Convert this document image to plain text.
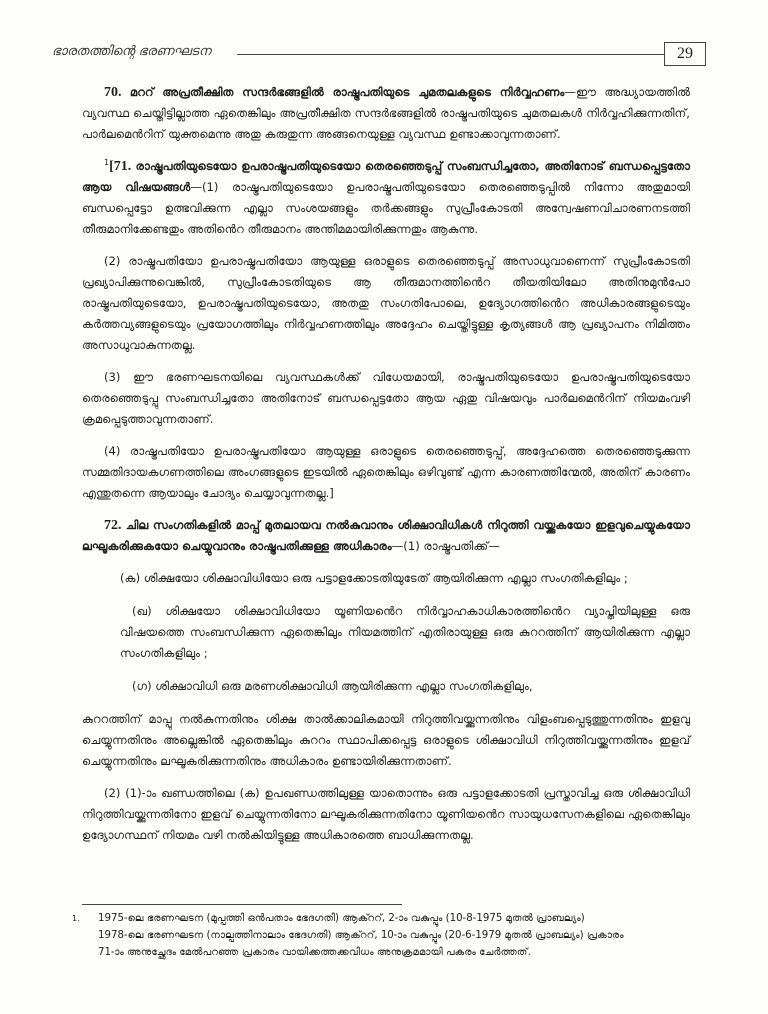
ഭാരതത്തിന്റെ ഭരണഘടന	29

70. മററ് അപ്രതീക്ഷിത സന്ദർഭങ്ങളിൽ രാഷ്ട്രപതിയുടെ ചുമതലകളുടെ നിർവ്വഹണം—ഈ അദ്ധ്യായത്തിൽ വ്യവസ്ഥ ചെയ്തിട്ടില്ലാത്ത ഏതെങ്കിലും അപ്രതീക്ഷിത സന്ദർഭങ്ങളിൽ രാഷ്ട്രപതിയുടെ ചുമതലകൾ നിർവ്വഹിക്കുന്നതിന്, പാർലമെൻറിന് യുക്തമെന്നു അതു കരുതുന്ന അങ്ങനെയുള്ള വ്യവസ്ഥ ഉണ്ടാക്കാവുന്നതാണ്.

$^1$[71. രാഷ്ട്രപതിയുടെയോ ഉപരാഷ്ട്രപതിയുടെയോ തെരഞ്ഞെടുപ്പ് സംബന്ധിച്ചതോ, അതിനോട് ബന്ധപ്പെട്ടതോ ആയ വിഷയങ്ങൾ—(1) രാഷ്ട്രപതിയുടെയോ ഉപരാഷ്ട്രപതിയുടെയോ തെരഞ്ഞെടുപ്പിൽ നിന്നോ അതുമായി ബന്ധപ്പെട്ടോ ഉത്ഭവിക്കുന്ന എല്ലാ സംശയങ്ങളും തർക്കങ്ങളും സുപ്രീംകോടതി അന്വേഷണവിചാരണനടത്തി തീരുമാനിക്കേണ്ടതും അതിൻെറ തീരുമാനം അന്തിമമായിരിക്കുന്നതും ആകുന്നു.

(2) രാഷ്ട്രപതിയോ ഉപരാഷ്ട്രപതിയോ ആയുള്ള ഒരാളുടെ തെരഞ്ഞെടുപ്പ് അസാധുവാണെന്ന് സുപ്രീംകോടതി പ്രഖ്യാപിക്കുന്നുവെങ്കിൽ, സുപ്രീംകോടതിയുടെ ആ തീരുമാനത്തിൻെറ തീയതിയിലോ അതിനുമുൻപോ രാഷ്ട്രപതിയുടെയോ, ഉപരാഷ്ട്രപതിയുടെയോ, അതതു സംഗതിപോലെ, ഉദ്യോഗത്തിൻെറ അധികാരങ്ങളുടെയും കർത്തവ്യങ്ങളുടെയും പ്രയോഗത്തിലും നിർവ്വഹണത്തിലും അദ്ദേഹം ചെയ്തിട്ടുള്ള കൃത്യങ്ങൾ ആ പ്രഖ്യാപനം നിമിത്തം അസാധുവാകുന്നതല്ല.

(3) ഈ ഭരണഘടനയിലെ വ്യവസ്ഥകൾക്ക് വിധേയമായി, രാഷ്ട്രപതിയുടെയോ ഉപരാഷ്ട്രപതിയുടെയോ തെരഞ്ഞെടുപ്പു സംബന്ധിച്ചതോ അതിനോട് ബന്ധപ്പെട്ടതോ ആയ ഏതു വിഷയവും പാർലമെൻറിന് നിയമംവഴി ക്രമപ്പെടുത്താവുന്നതാണ്.

(4) രാഷ്ട്രപതിയോ ഉപരാഷ്ട്രപതിയോ ആയുള്ള ഒരാളുടെ തെരഞ്ഞെടുപ്പ്, അദ്ദേഹത്തെ തെരഞ്ഞെടുക്കുന്ന സമ്മതിദായകഗണത്തിലെ അംഗങ്ങളുടെ ഇടയിൽ ഏതെങ്കിലും ഒഴിവുണ്ട് എന്ന കാരണത്തിന്മേൽ, അതിന് കാരണം എന്തുതന്നെ ആയാലും ചോദ്യം ചെയ്യാവുന്നതല്ല.]

72. ചില സംഗതികളിൽ മാപ്പ് മുതലായവ നൽകുവാനും ശിക്ഷാവിധികൾ നിറുത്തി വയ്ക്കുകയോ ഇളവുചെയ്യുകയോ ലഘൂകരിക്കുകയോ ചെയ്യുവാനും രാഷ്ട്രപതിക്കുള്ള അധികാരം—(1) രാഷ്ട്രപതിക്ക്—

(ക) ശിക്ഷയോ ശിക്ഷാവിധിയോ ഒരു പട്ടാളക്കോടതിയുടേത് ആയിരിക്കുന്ന എല്ലാ സംഗതികളിലും ;

(ഖ) ശിക്ഷയോ ശിക്ഷാവിധിയോ യൂണിയൻെറ നിർവ്വാഹകാധികാരത്തിൻെറ വ്യാപ്തിയിലുള്ള ഒരു വിഷയത്തെ സംബന്ധിക്കുന്ന ഏതെങ്കിലും നിയമത്തിന് എതിരായുള്ള ഒരു കുററത്തിന് ആയിരിക്കുന്ന എല്ലാ സംഗതികളിലും ;

(ഗ) ശിക്ഷാവിധി ഒരു മരണശിക്ഷാവിധി ആയിരിക്കുന്ന എല്ലാ സംഗതികളിലും,

കുററത്തിന് മാപ്പു നൽകുന്നതിനും ശിക്ഷ താൽക്കാലികമായി നിറുത്തിവയ്ക്കുന്നതിനും വിളംബപ്പെടുത്തുന്നതിനും ഇളവു ചെയ്യുന്നതിനും അല്ലെങ്കിൽ ഏതെങ്കിലും കുററം സ്ഥാപിക്കപ്പെട്ട ഒരാളുടെ ശിക്ഷാവിധി നിറുത്തിവയ്ക്കുന്നതിനും ഇളവ് ചെയ്യുന്നതിനും ലഘൂകരിക്കുന്നതിനും അധികാരം ഉണ്ടായിരിക്കുന്നതാണ്.

(2) (1)-ാം ഖണ്ഡത്തിലെ (ക) ഉപഖണ്ഡത്തിലുള്ള യാതൊന്നും ഒരു പട്ടാളക്കോടതി പ്രസ്താവിച്ച ഒരു ശിക്ഷാവിധി നിറുത്തിവയ്ക്കുന്നതിനോ ഇളവ് ചെയ്യുന്നതിനോ ലഘൂകരിക്കുന്നതിനോ യൂണിയൻെറ സായുധസേനകളിലെ ഏതെങ്കിലും ഉദ്യോഗസ്ഥന് നിയമം വഴി നൽകിയിട്ടുള്ള അധികാരത്തെ ബാധിക്കുന്നതല്ല.

1. 1975-ലെ ഭരണഘടന (മുപ്പത്തി ഒൻപതാം ഭേദഗതി) ആക്ററ്, 2-ാം വകുപ്പും (10-8-1975 മുതൽ പ്രാബല്യം)

1978-ലെ ഭരണഘടന (നാല്പത്തിനാലാം ഭേദഗതി) ആക്ററ്, 10-ാം വകുപ്പും (20-6-1979 മുതൽ പ്രാബല്യം) പ്രകാരം

71-ാം അനുച്ഛേദം മേൽപറഞ്ഞ പ്രകാരം വായിക്കത്തക്കവിധം അനുക്രമമായി പകരം ചേർത്തത്.
